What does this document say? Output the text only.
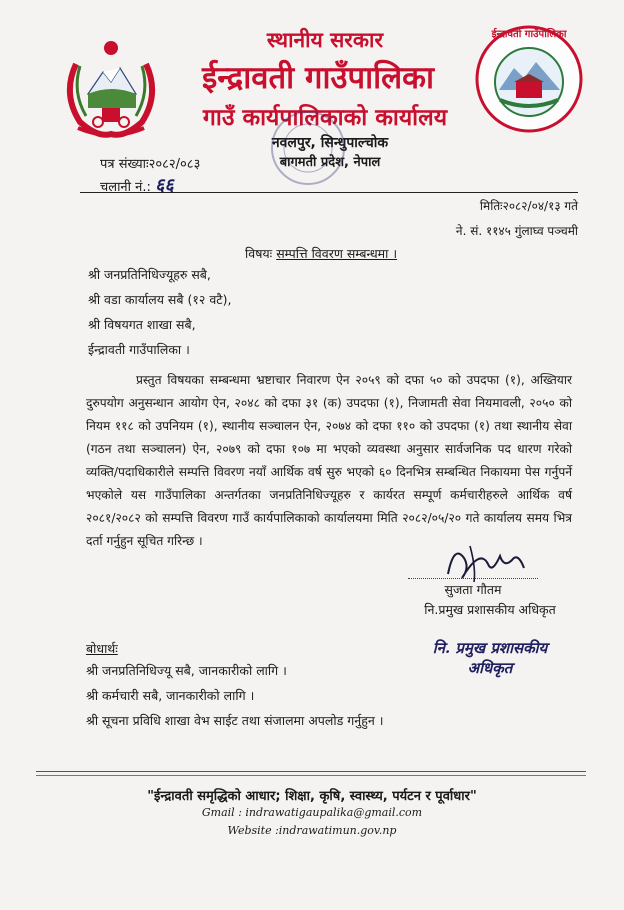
ईन्द्रावती गाउँपालिका
स्थानीय सरकार
ईन्द्रावती गाउँपालिका
गाउँ कार्यपालिकाको कार्यालय
नवलपुर, सिन्धुपाल्चोक
बागमती प्रदेश, नेपाल
पत्र संख्याः२०८२/०८३
चलानी नं.: ६६
मितिः२०८२/०४/१३ गते
ने. सं. ११४५ गुंलाघ्व पञ्चमी
विषयः सम्पत्ति विवरण सम्बन्धमा ।
श्री जनप्रतिनिधिज्यूहरु सबै,
श्री वडा कार्यालय सबै (१२ वटै),
श्री विषयगत शाखा सबै,
ईन्द्रावती गाउँपालिका ।
प्रस्तुत विषयका सम्बन्धमा भ्रष्टाचार निवारण ऐन २०५९ को दफा ५० को उपदफा (१), अख्तियार दुरुपयोग अनुसन्धान आयोग ऐन, २०४८ को दफा ३१ (क) उपदफा (१), निजामती सेवा नियमावली, २०५० को नियम ११८ को उपनियम (१), स्थानीय सञ्चालन ऐन, २०७४ को दफा ११० को उपदफा (१) तथा स्थानीय सेवा (गठन तथा सञ्चालन) ऐन, २०७९ को दफा १०७ मा भएको व्यवस्था अनुसार सार्वजनिक पद धारण गरेको व्यक्ति/पदाधिकारीले सम्पत्ति विवरण नयाँ आर्थिक वर्ष सुरु भएको ६० दिनभित्र सम्बन्धित निकायमा पेस गर्नुपर्ने भएकोले यस गाउँपालिका अन्तर्गतका जनप्रतिनिधिज्यूहरु र कार्यरत सम्पूर्ण कर्मचारीहरुले आर्थिक वर्ष २०८१/२०८२ को सम्पत्ति विवरण गाउँ कार्यपालिकाको कार्यालयमा मिति २०८२/०५/२० गते कार्यालय समय भित्र दर्ता गर्नुहुन सूचित गरिन्छ ।
सुजता गौतम
नि.प्रमुख प्रशासकीय अधिकृत
बोधार्थः	नि. प्रमुख प्रशासकीय अधिकृत
श्री जनप्रतिनिधिज्यू सबै, जानकारीको लागि ।
श्री कर्मचारी सबै, जानकारीको लागि ।
श्री सूचना प्रविधि शाखा वेभ साईट तथा संजालमा अपलोड गर्नुहुन ।
"ईन्द्रावती समृद्धिको आधार; शिक्षा, कृषि, स्वास्थ्य, पर्यटन र पूर्वाधार"
Gmail : indrawatigaupalika@gmail.com
Website :indrawatimun.gov.np
